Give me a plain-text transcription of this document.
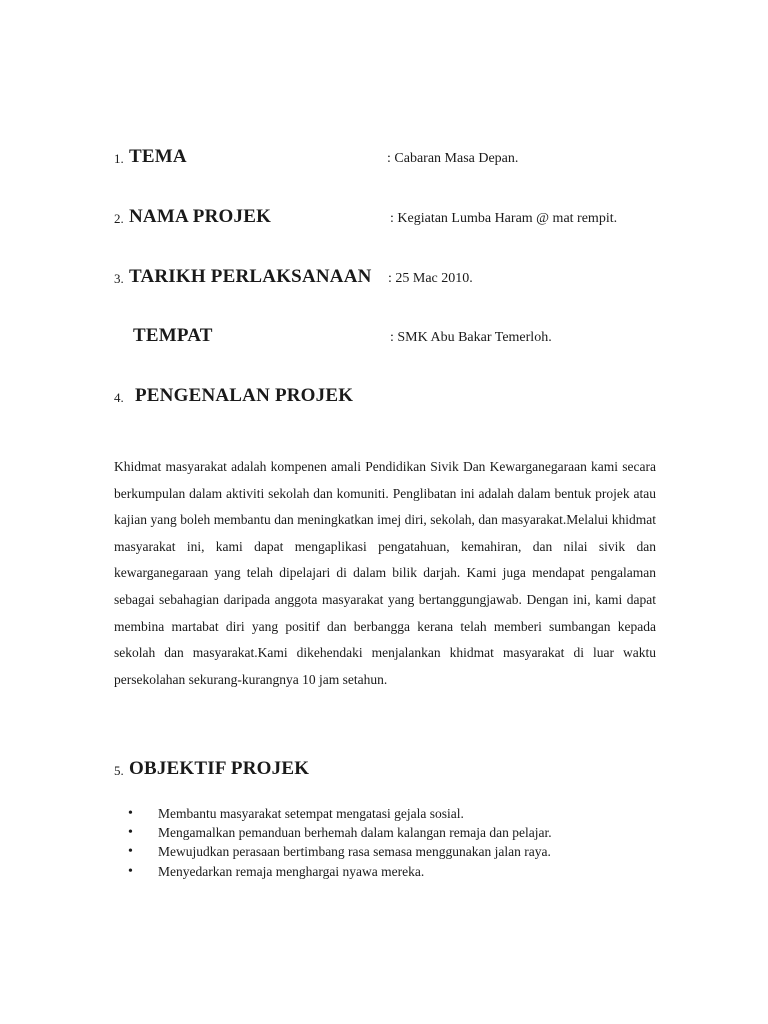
1. TEMA	: Cabaran Masa Depan.
2. NAMA PROJEK	: Kegiatan Lumba Haram @ mat rempit.
3. TARIKH PERLAKSANAAN : 25 Mac 2010.
TEMPAT	: SMK Abu Bakar Temerloh.
4. PENGENALAN PROJEK

Khidmat masyarakat adalah kompenen amali Pendidikan Sivik Dan Kewarganegaraan kami secara berkumpulan dalam aktiviti sekolah dan komuniti. Penglibatan ini adalah dalam bentuk projek atau kajian yang boleh membantu dan meningkatkan imej diri, sekolah, dan masyarakat.Melalui khidmat masyarakat ini, kami dapat mengaplikasi pengatahuan, kemahiran, dan nilai sivik dan kewarganegaraan yang telah dipelajari di dalam bilik darjah. Kami juga mendapat pengalaman sebagai sebahagian daripada anggota masyarakat yang bertanggungjawab. Dengan ini, kami dapat membina martabat diri yang positif dan berbangga kerana telah memberi sumbangan kepada sekolah dan masyarakat.Kami dikehendaki menjalankan khidmat masyarakat di luar waktu persekolahan sekurang-kurangnya 10 jam setahun.

5. OBJEKTIF PROJEK
• Membantu masyarakat setempat mengatasi gejala sosial.
• Mengamalkan pemanduan berhemah dalam kalangan remaja dan pelajar.
• Mewujudkan perasaan bertimbang rasa semasa menggunakan jalan raya.
• Menyedarkan remaja menghargai nyawa mereka.
